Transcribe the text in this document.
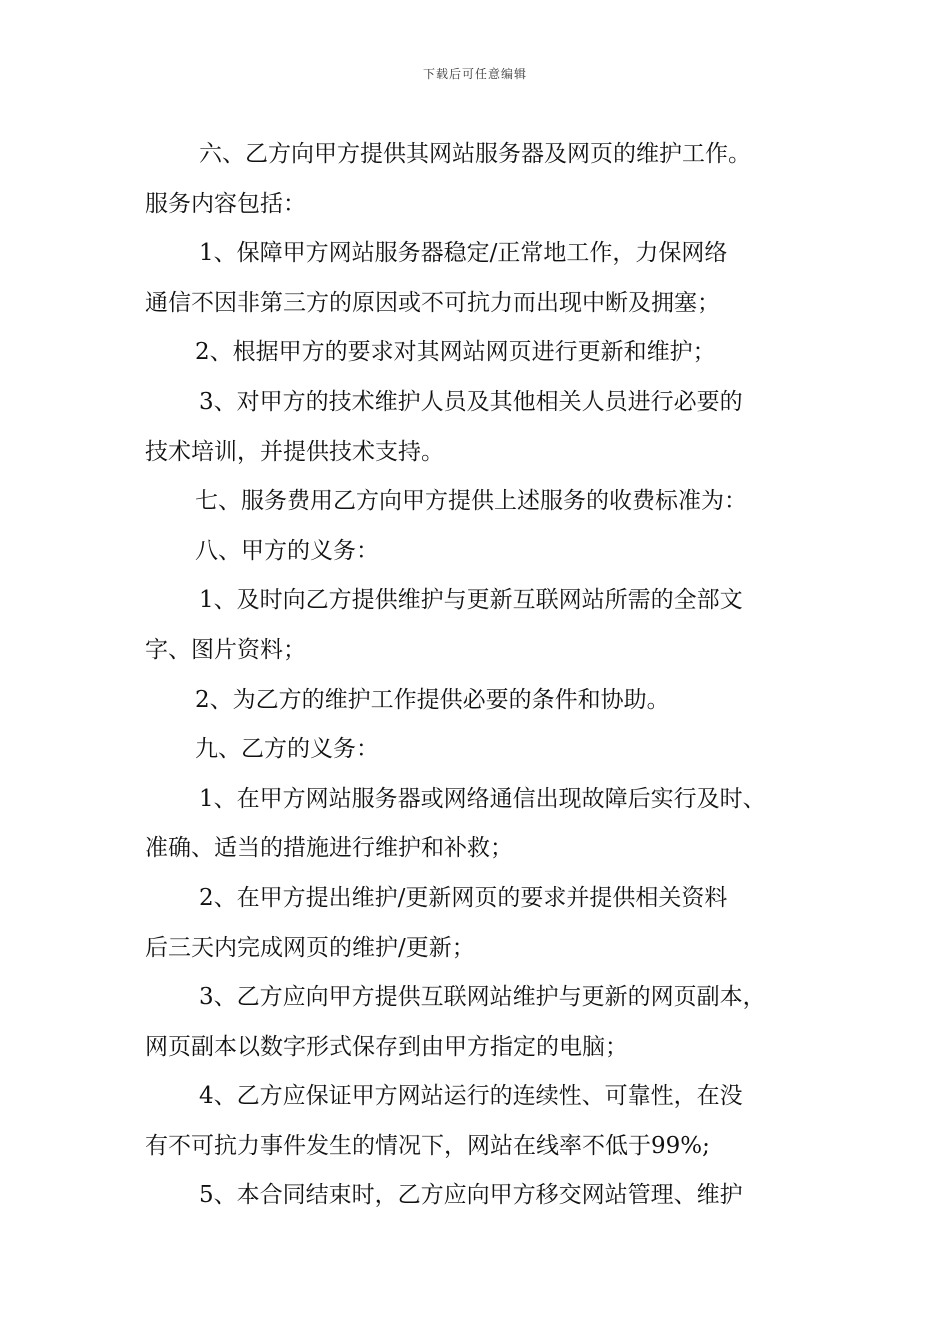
下载后可任意编辑

六、乙方向甲方提供其网站服务器及网页的维护工作。

服务内容包括：

1、保障甲方网站服务器稳定/正常地工作，力保网络

通信不因非第三方的原因或不可抗力而出现中断及拥塞；

2、根据甲方的要求对其网站网页进行更新和维护；

3、对甲方的技术维护人员及其他相关人员进行必要的

技术培训，并提供技术支持。

七、服务费用乙方向甲方提供上述服务的收费标准为：

八、甲方的义务：

1、及时向乙方提供维护与更新互联网站所需的全部文

字、图片资料；

2、为乙方的维护工作提供必要的条件和协助。

九、乙方的义务：

1、在甲方网站服务器或网络通信出现故障后实行及时、

准确、适当的措施进行维护和补救；

2、在甲方提出维护/更新网页的要求并提供相关资料

后三天内完成网页的维护/更新；

3、乙方应向甲方提供互联网站维护与更新的网页副本，

网页副本以数字形式保存到由甲方指定的电脑；

4、乙方应保证甲方网站运行的连续性、可靠性，在没

有不可抗力事件发生的情况下，网站在线率不低于99%;

5、本合同结束时，乙方应向甲方移交网站管理、维护
